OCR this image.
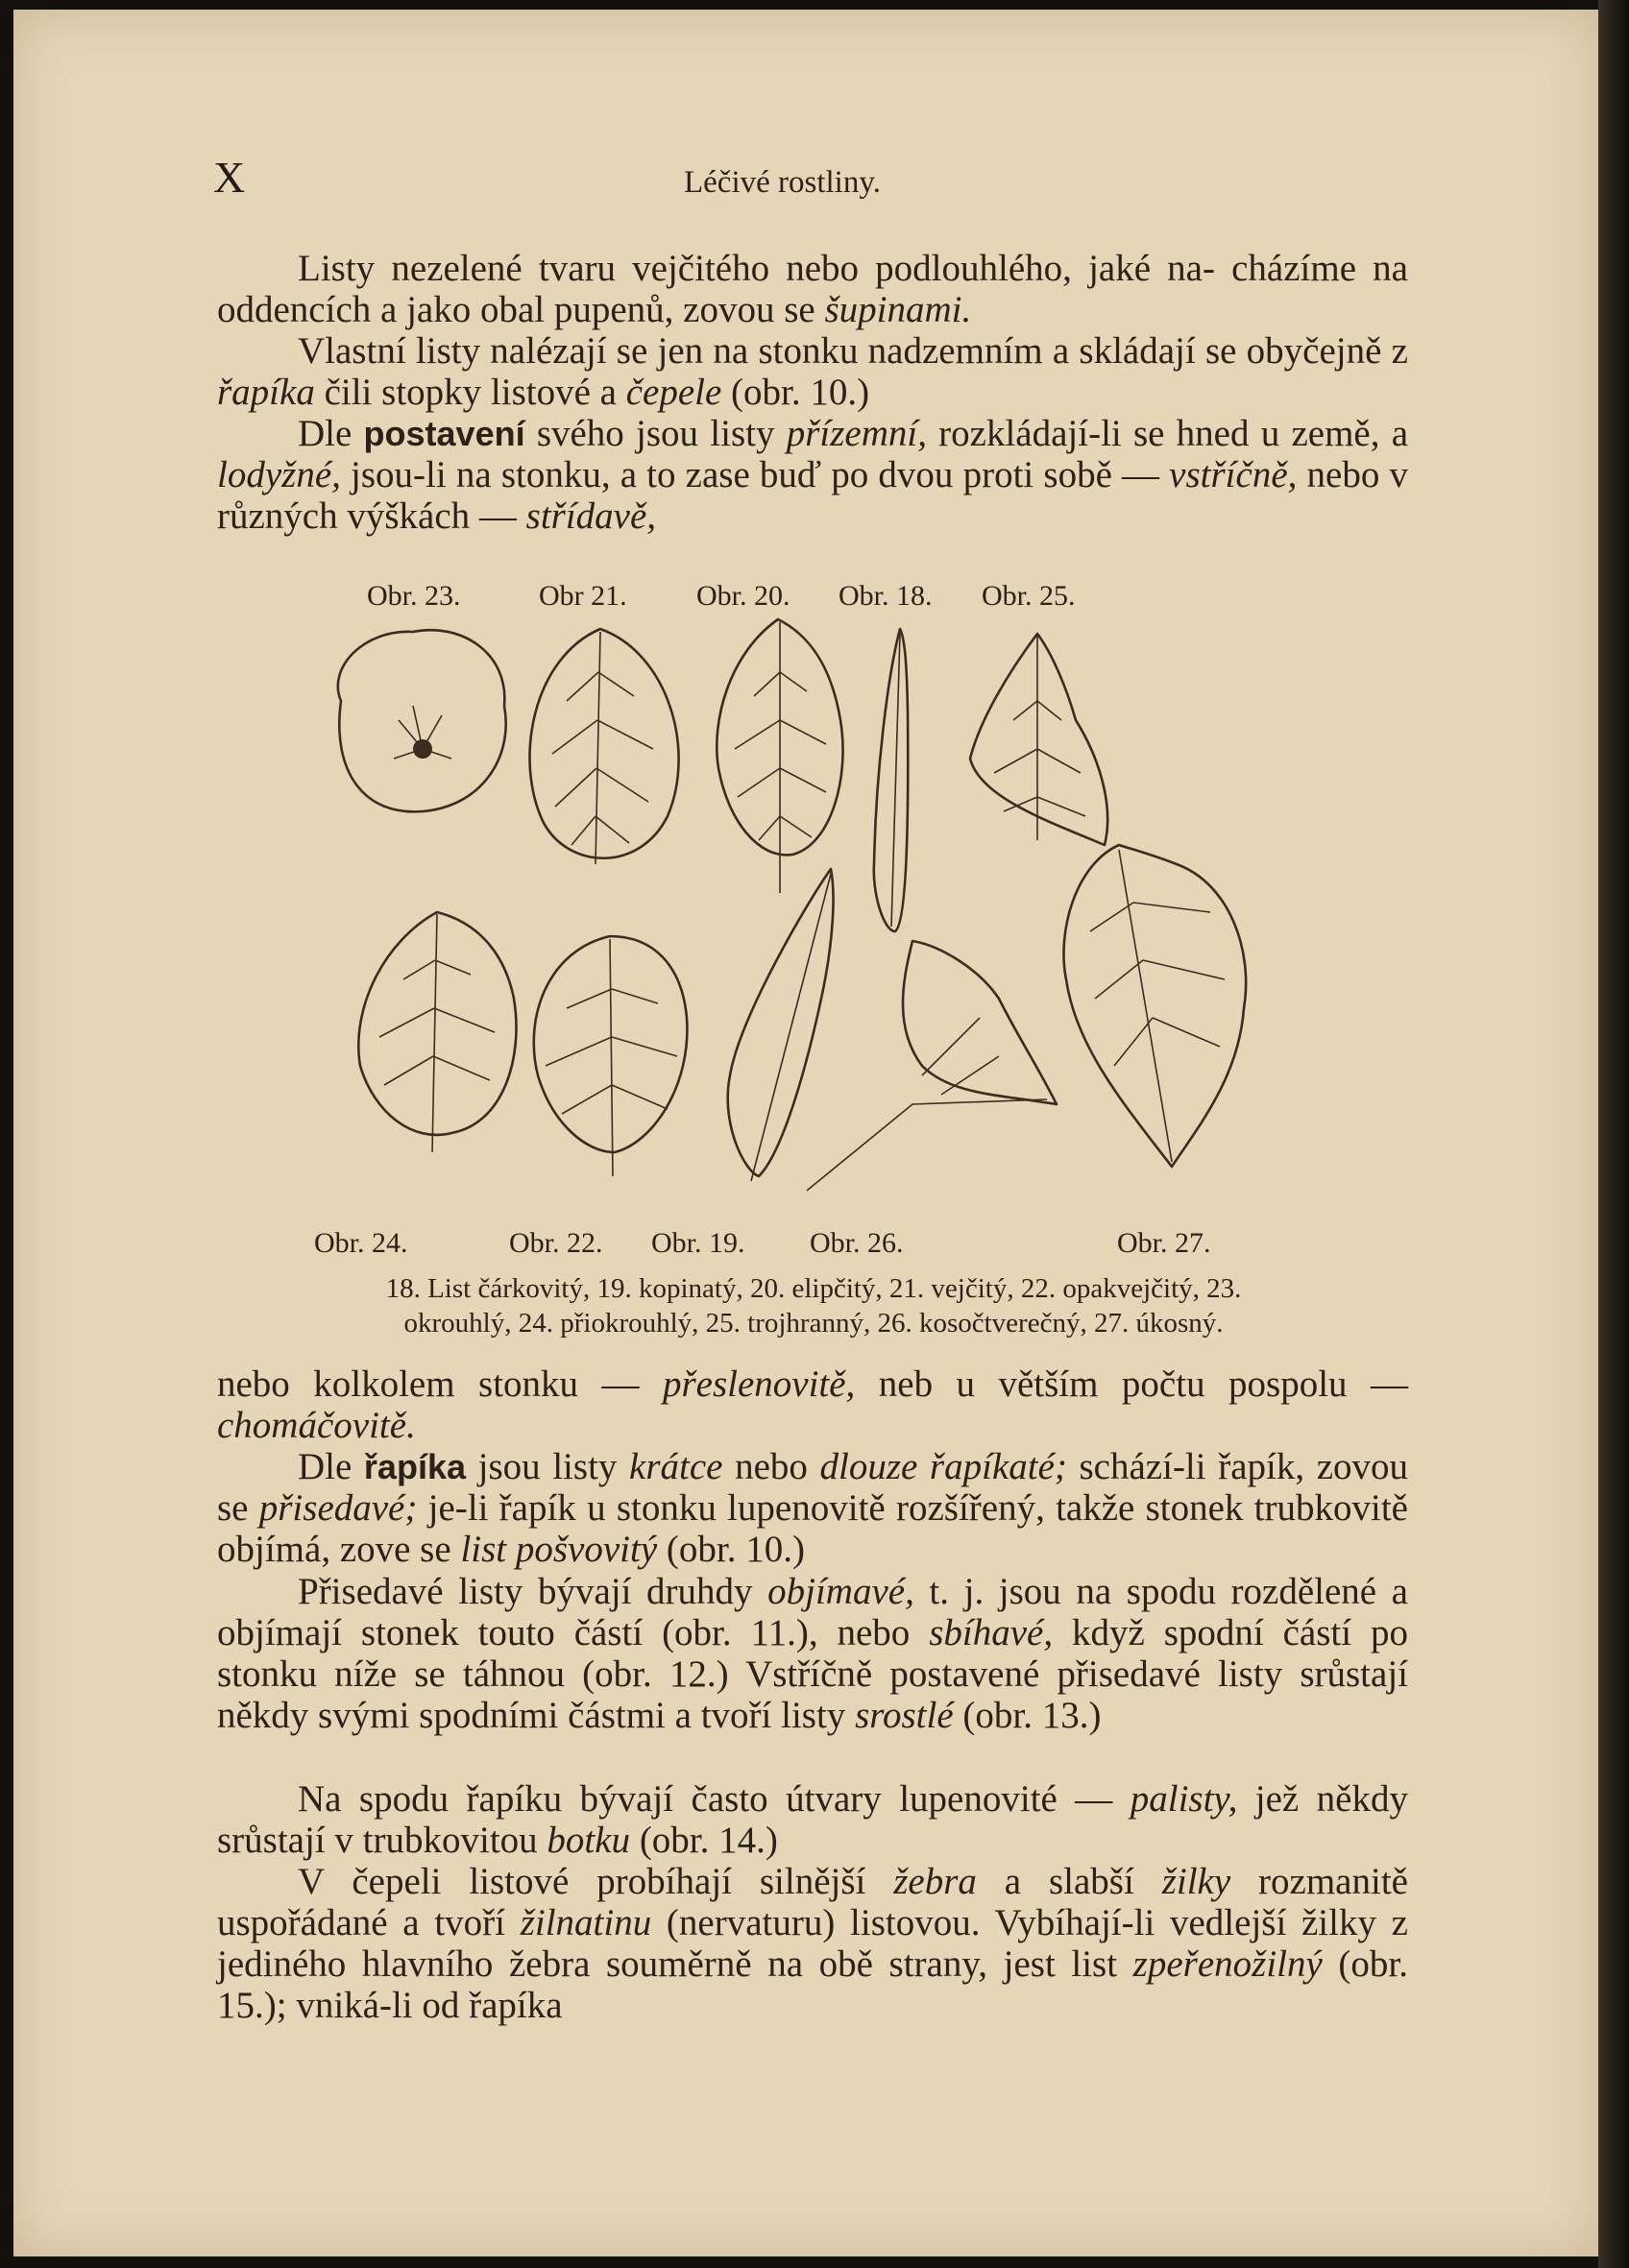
X	Léčivé rostliny.
Listy nezelené tvaru vejčitého nebo podlouhlého, jaké na- cházíme na oddencích a jako obal pupenů, zovou se šupinami.
Vlastní listy nalézají se jen na stonku nadzemním a skládají se obyčejně z řapíka čili stopky listové a čepele (obr. 10.)
Dle postavení svého jsou listy přízemní, rozkládají-li se hned u země, a lodyžné, jsou-li na stonku, a to zase buď po dvou proti sobě — vstříčně, nebo v různých výškách — střídavě,
Obr. 23.	Obr 21. Obr. 20. Obr. 18. Obr. 25.
Obr. 24.	Obr. 22. Obr. 19. Obr. 26.	Obr. 27.
18. List čárkovitý, 19. kopinatý, 20. elipčitý, 21. vejčitý, 22. opakvejčitý, 23.
okrouhlý, 24. přiokrouhlý, 25. trojhranný, 26. kosočtverečný, 27. úkosný.
nebo kolkolem stonku — přeslenovitě, neb u větším počtu pospolu — chomáčovitě.
Dle řapíka jsou listy krátce nebo dlouze řapíkaté; schází-li řapík, zovou se přisedavé; je-li řapík u stonku lupenovitě rozšířený, takže stonek trubkovitě objímá, zove se list pošvovitý (obr. 10.)
Přisedavé listy bývají druhdy objímavé, t. j. jsou na spodu rozdělené a objímají stonek touto částí (obr. 11.), nebo sbíhavé, když spodní částí po stonku níže se táhnou (obr. 12.) Vstříčně postavené přisedavé listy srůstají někdy svými spodními částmi a tvoří listy srostlé (obr. 13.)
Na spodu řapíku bývají často útvary lupenovité — palisty, jež někdy srůstají v trubkovitou botku (obr. 14.)
V čepeli listové probíhají silnější žebra a slabší žilky rozmanitě uspořádané a tvoří žilnatinu (nervaturu) listovou. Vybíhají-li vedlejší žilky z jediného hlavního žebra souměrně na obě strany, jest list zpeřenožilný (obr. 15.); vniká-li od řapíka
